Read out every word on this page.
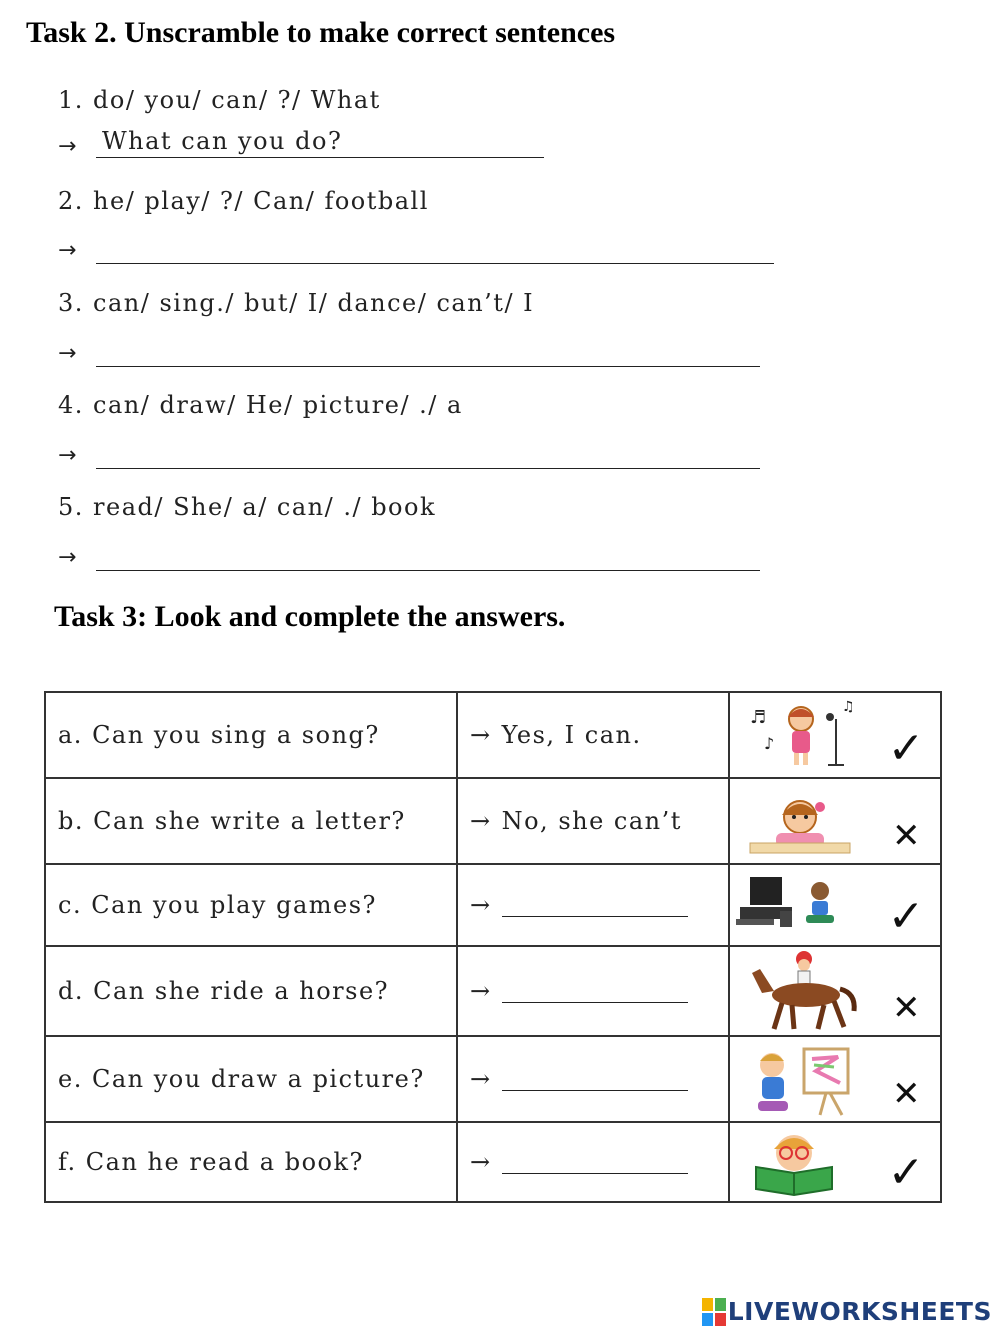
Task 2. Unscramble to make correct sentences
1. do/ you/ can/ ?/ What
→ What can you do?
2. he/ play/ ?/ Can/ football
→
3. can/ sing./ but/ I/ dance/ can’t/ I
→
4. can/ draw/ He/ picture/ ./ a
→
5. read/ She/ a/ can/ ./ book
→
Task 3: Look and complete the answers.
a. Can you sing a song?	→ Yes, I can.	♬
♪
♫
✓

b. Can she write a letter?	→ No, she can’t	✕

c. Can you play games?	→	✓

d. Can she ride a horse?	→	✕

e. Can you draw a picture?	→	✕

f. Can he read a book?	→	✓
LIVEWORKSHEETS
